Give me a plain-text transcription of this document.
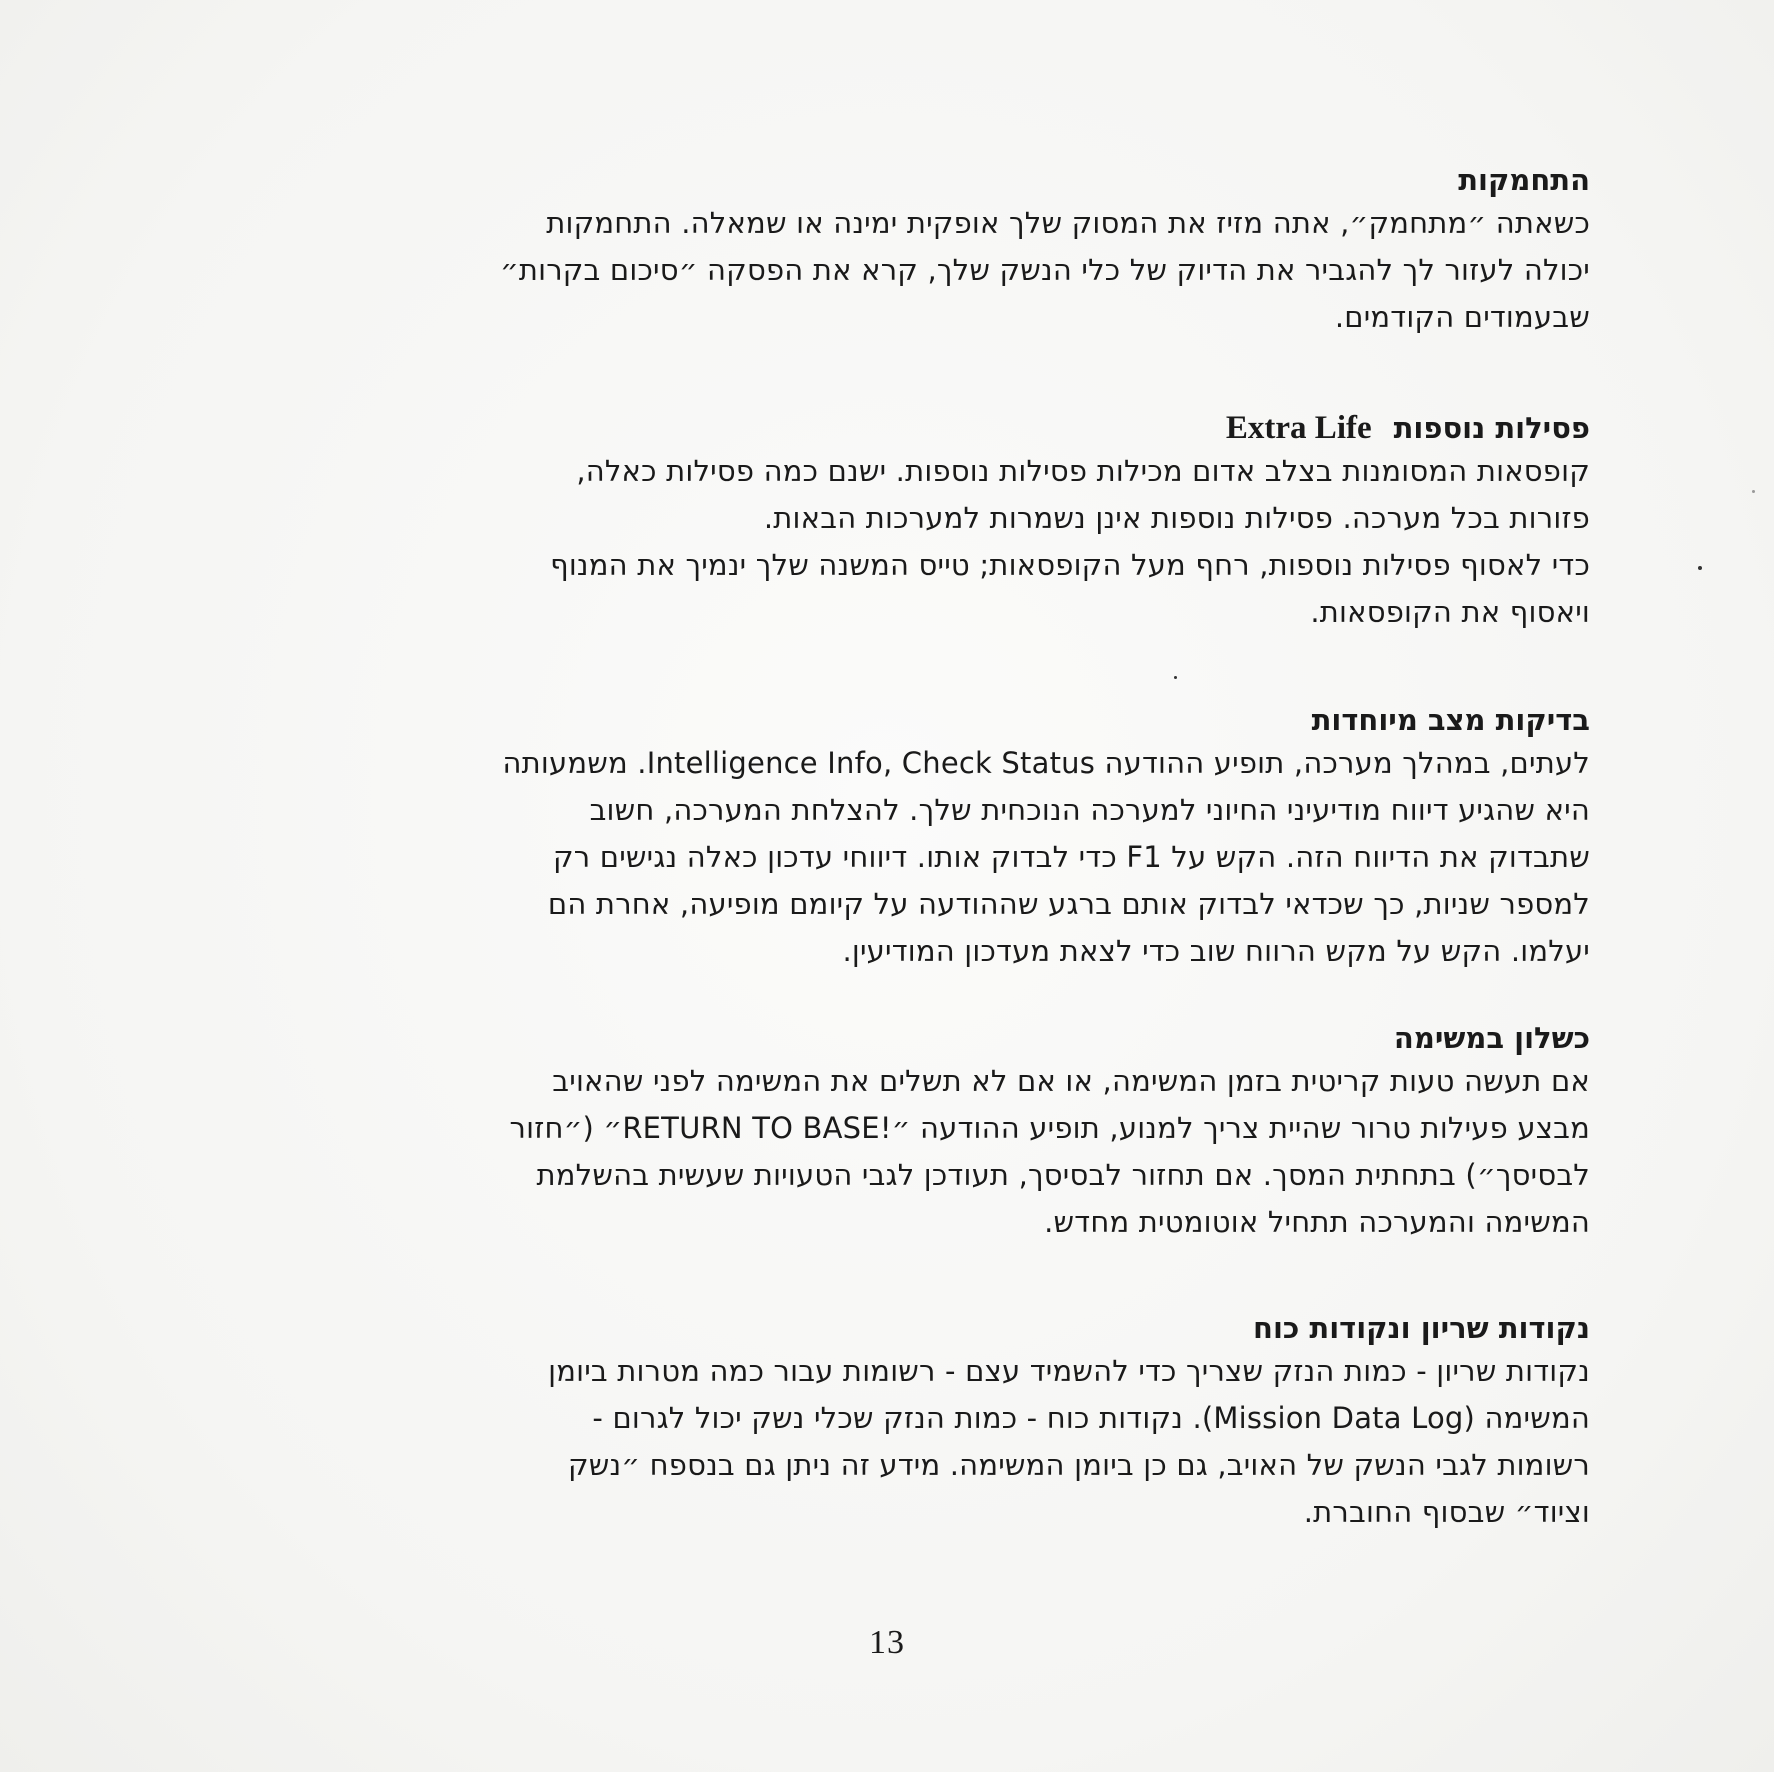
התחמקות

כשאתה ״מתחמק״, אתה מזיז את המסוק שלך אופקית ימינה או שמאלה. התחמקות

יכולה לעזור לך להגביר את הדיוק של כלי הנשק שלך, קרא את הפסקה ״סיכום בקרות״

שבעמודים הקודמים.

פסילות נוספותExtra Life

קופסאות המסומנות בצלב אדום מכילות פסילות נוספות. ישנם כמה פסילות כאלה,

פזורות בכל מערכה. פסילות נוספות אינן נשמרות למערכות הבאות.

כדי לאסוף פסילות נוספות, רחף מעל הקופסאות; טייס המשנה שלך ינמיך את המנוף

ויאסוף את הקופסאות.

בדיקות מצב מיוחדות

לעתים, במהלך מערכה, תופיע ההודעה Intelligence Info, Check Status. משמעותה

היא שהגיע דיווח מודיעיני החיוני למערכה הנוכחית שלך. להצלחת המערכה, חשוב

שתבדוק את הדיווח הזה. הקש על F1 כדי לבדוק אותו. דיווחי עדכון כאלה נגישים רק

למספר שניות, כך שכדאי לבדוק אותם ברגע שההודעה על קיומם מופיעה, אחרת הם

יעלמו. הקש על מקש הרווח שוב כדי לצאת מעדכון המודיעין.

כשלון במשימה

אם תעשה טעות קריטית בזמן המשימה, או אם לא תשלים את המשימה לפני שהאויב

מבצע פעילות טרור שהיית צריך למנוע, תופיע ההודעה ״!RETURN TO BASE״ (״חזור

לבסיסך״) בתחתית המסך. אם תחזור לבסיסך, תעודכן לגבי הטעויות שעשית בהשלמת

המשימה והמערכה תתחיל אוטומטית מחדש.

נקודות שריון ונקודות כוח

נקודות שריון - כמות הנזק שצריך כדי להשמיד עצם - רשומות עבור כמה מטרות ביומן

המשימה (Mission Data Log). נקודות כוח - כמות הנזק שכלי נשק יכול לגרום -

רשומות לגבי הנשק של האויב, גם כן ביומן המשימה. מידע זה ניתן גם בנספח ״נשק

וציוד״ שבסוף החוברת.

13
